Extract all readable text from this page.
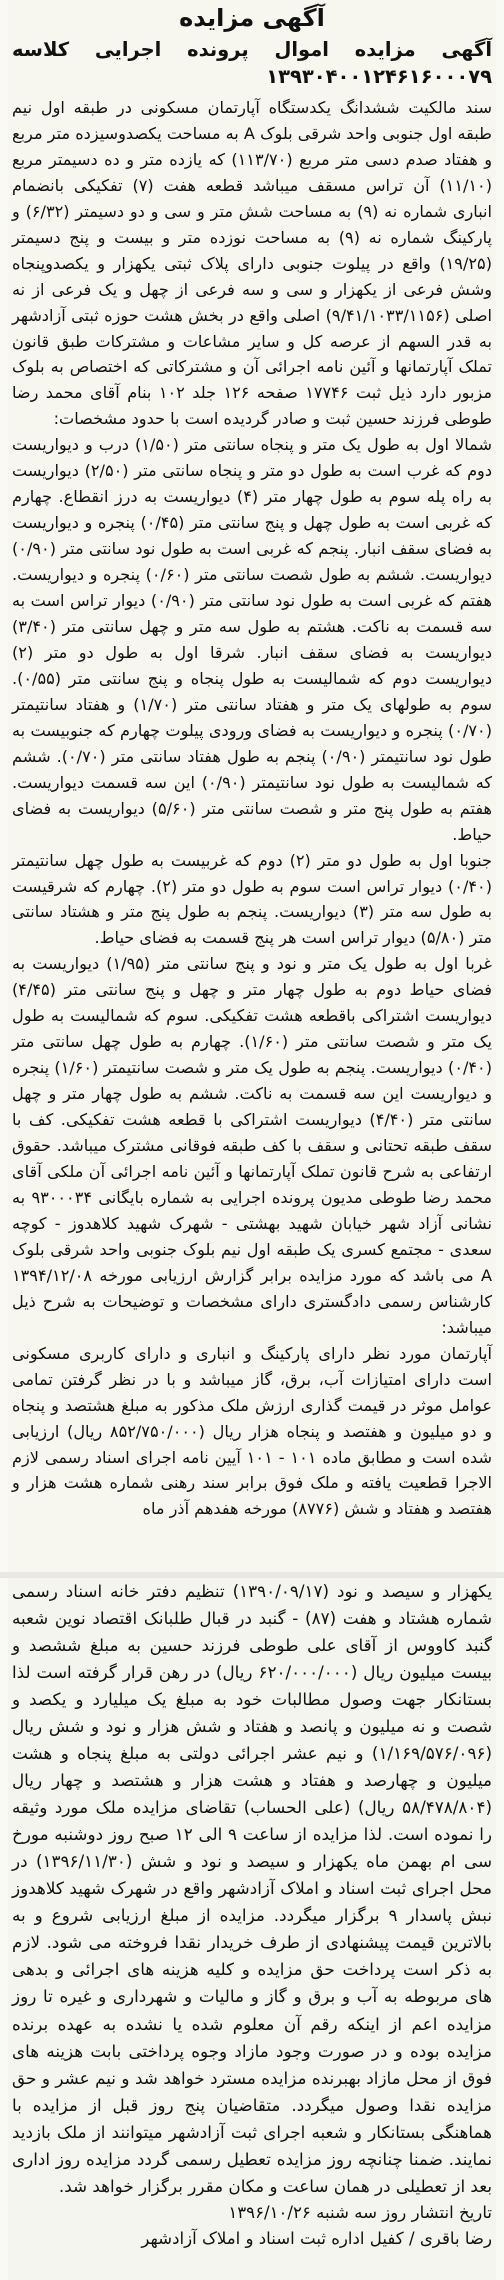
آگهی مزایده
آگهی مزایده اموال پرونده اجرایی کلاسه ۱۳۹۳۰۴۰۰۱۲۴۶۱۶۰۰۰۷۹

سند مالکیت ششدانگ یکدستگاه آپارتمان مسکونی در طبقه اول نیم طبقه اول جنوبی واحد شرقی بلوک A به مساحت یکصدوسیزده متر مربع و هفتاد صدم دسی متر مربع (۱۱۳/۷۰) که یازده متر و ده دسیمتر مربع (۱۱/۱۰) آن تراس مسقف میباشد قطعه هفت (۷) تفکیکی بانضمام انباری شماره نه (۹) به مساحت شش متر و سی و دو دسیمتر (۶/۳۲) و پارکینگ شماره نه (۹) به مساحت نوزده متر و بیست و پنج دسیمتر (۱۹/۲۵) واقع در پیلوت جنوبی دارای پلاک ثبتی یکهزار و یکصدوپنجاه وشش فرعی از یکهزار و سی و سه فرعی از چهل و یک فرعی از نه اصلی (۹/۴۱/۱۰۳۳/۱۱۵۶) اصلی واقع در بخش هشت حوزه ثبتی آزادشهر به قدر السهم از عرصه کل و سایر مشاعات و مشترکات طبق قانون تملک آپارتمانها و آئین نامه اجرائی آن و مشترکاتی که اختصاص به بلوک مزبور دارد ذیل ثبت ۱۷۷۴۶ صفحه ۱۲۶ جلد ۱۰۲ بنام آقای محمد رضا طوطی فرزند حسین ثبت و صادر گردیده است با حدود مشخصات:

شمالا اول به طول یک متر و پنجاه سانتی متر (۱/۵۰) درب و دیواریست دوم که غرب است به طول دو متر و پنجاه سانتی متر (۲/۵۰) دیواریست به راه پله سوم به طول چهار متر (۴) دیواریست به درز انقطاع. چهارم که غربی است به طول چهل و پنج سانتی متر (۰/۴۵) پنجره و دیواریست به فضای سقف انبار. پنجم که غربی است به طول نود سانتی متر (۰/۹۰) دیواریست. ششم به طول شصت سانتی متر (۰/۶۰) پنجره و دیواریست. هفتم که غربی است به طول نود سانتی متر (۰/۹۰) دیوار تراس است به سه قسمت به ناکت. هشتم به طول سه متر و چهل سانتی متر (۳/۴۰) دیواریست به فضای سقف انبار. شرقا اول به طول دو متر (۲) دیواریست دوم که شمالیست به طول پنجاه و پنج سانتی متر (۰/۵۵). سوم به طولهای یک متر و هفتاد سانتی متر (۱/۷۰) و هفتاد سانتیمتر (۰/۷۰) پنجره و دیواریست به فضای ورودی پیلوت چهارم که جنوبیست به طول نود سانتیمتر (۰/۹۰) پنجم به طول هفتاد سانتی متر (۰/۷۰). ششم که شمالیست به طول نود سانتیمتر (۰/۹۰) این سه قسمت دیواریست. هفتم به طول پنج متر و شصت سانتی متر (۵/۶۰) دیواریست به فضای حیاط.

جنوبا اول به طول دو متر (۲) دوم که غربیست به طول چهل سانتیمتر (۰/۴۰) دیوار تراس است سوم به طول دو متر (۲). چهارم که شرقیست به طول سه متر (۳) دیواریست. پنجم به طول پنج متر و هشتاد سانتی متر (۵/۸۰) دیوار تراس است هر پنج قسمت به فضای حیاط.

غربا اول به طول یک متر و نود و پنج سانتی متر (۱/۹۵) دیواریست به فضای حیاط دوم به طول چهار متر و چهل و پنج سانتی متر (۴/۴۵) دیواریست اشتراکی باقطعه هشت تفکیکی. سوم که شمالیست به طول یک متر و شصت سانتی متر (۱/۶۰). چهارم به طول چهل سانتی متر (۰/۴۰) دیواریست. پنجم به طول یک متر و شصت سانتیمتر (۱/۶۰) پنجره و دیواریست این سه قسمت به ناکت. ششم به طول چهار متر و چهل سانتی متر (۴/۴۰) دیواریست اشتراکی با قطعه هشت تفکیکی. کف با سقف طبقه تحتانی و سقف با کف طبقه فوقانی مشترک میباشد. حقوق ارتفاعی به شرح قانون تملک آپارتمانها و آئین نامه اجرائی آن ملکی آقای محمد رضا طوطی مدیون پرونده اجرایی به شماره بایگانی ۹۳۰۰۰۳۴ به نشانی آزاد شهر خیابان شهید بهشتی - شهرک شهید کلاهدوز - کوچه سعدی - مجتمع کسری یک طبقه اول نیم بلوک جنوبی واحد شرقی بلوک A می باشد که مورد مزایده برابر گزارش ارزیابی مورخه ۱۳۹۴/۱۲/۰۸ کارشناس رسمی دادگستری دارای مشخصات و توضیحات به شرح ذیل میباشد:

آپارتمان مورد نظر دارای پارکینگ و انباری و دارای کاربری مسکونی است دارای امتیازات آب، برق، گاز میباشد و با در نظر گرفتن تمامی عوامل موثر در قیمت گذاری ارزش ملک مذکور به مبلغ هشتصد و پنجاه و دو میلیون و هفتصد و پنجاه هزار ریال (۸۵۲/۷۵۰/۰۰۰ ریال) ارزیابی شده است و مطابق ماده ۱۰۱ - ۱۰۱ آیین نامه اجرای اسناد رسمی لازم الاجرا قطعیت یافته و ملک فوق برابر سند رهنی شماره هشت هزار و هفتصد و هفتاد و شش (۸۷۷۶) مورخه هفدهم آذر ماه

یکهزار و سیصد و نود (۱۳۹۰/۰۹/۱۷) تنظیم دفتر خانه اسناد رسمی شماره هشتاد و هفت (۸۷) - گنبد در قبال طلبانک اقتصاد نوین شعبه گنبد کاووس از آقای علی طوطی فرزند حسین به مبلغ ششصد و بیست میلیون ریال (۶۲۰/۰۰۰/۰۰۰ ریال) در رهن قرار گرفته است لذا بستانکار جهت وصول مطالبات خود به مبلغ یک میلیارد و یکصد و شصت و نه میلیون و پانصد و هفتاد و شش هزار و نود و شش ریال (۱/۱۶۹/۵۷۶/۰۹۶) و نیم عشر اجرائی دولتی به مبلغ پنجاه و هشت میلیون و چهارصد و هفتاد و هشت هزار و هشتصد و چهار ریال (۵۸/۴۷۸/۸۰۴ ریال) (علی الحساب) تقاضای مزایده ملک مورد وثیقه را نموده است. لذا مزایده از ساعت ۹ الی ۱۲ صبح روز دوشنبه مورخ سی ام بهمن ماه یکهزار و سیصد و نود و شش (۱۳۹۶/۱۱/۳۰) در محل اجرای ثبت اسناد و املاک آزادشهر واقع در شهرک شهید کلاهدوز نبش پاسدار ۹ برگزار میگردد. مزایده از مبلغ ارزیابی شروع و به بالاترین قیمت پیشنهادی از طرف خریدار نقدا فروخته می شود. لازم به ذکر است پرداخت حق مزایده و کلیه هزینه های اجرائی و بدهی های مربوطه به آب و برق و گاز و مالیات و شهرداری و غیره تا روز مزایده اعم از اینکه رقم آن معلوم شده یا نشده به عهده برنده مزایده بوده و در صورت وجود مازاد وجوه پرداختی بابت هزینه های فوق از محل مازاد بهبرنده مزایده مسترد خواهد شد و نیم عشر و حق مزایده نقدا وصول میگردد. متقاضیان پنج روز قبل از مزایده با هماهنگی بستانکار و شعبه اجرای ثبت آزادشهر میتوانند از ملک بازدید نمایند. ضمنا چنانچه روز مزایده تعطیل رسمی گردد مزایده روز اداری بعد از تعطیلی در همان ساعت و مکان مقرر برگزار خواهد شد.

تاریخ انتشار روز سه شنبه ۱۳۹۶/۱۰/۲۶
رضا باقری / کفیل اداره ثبت اسناد و املاک آزادشهر
